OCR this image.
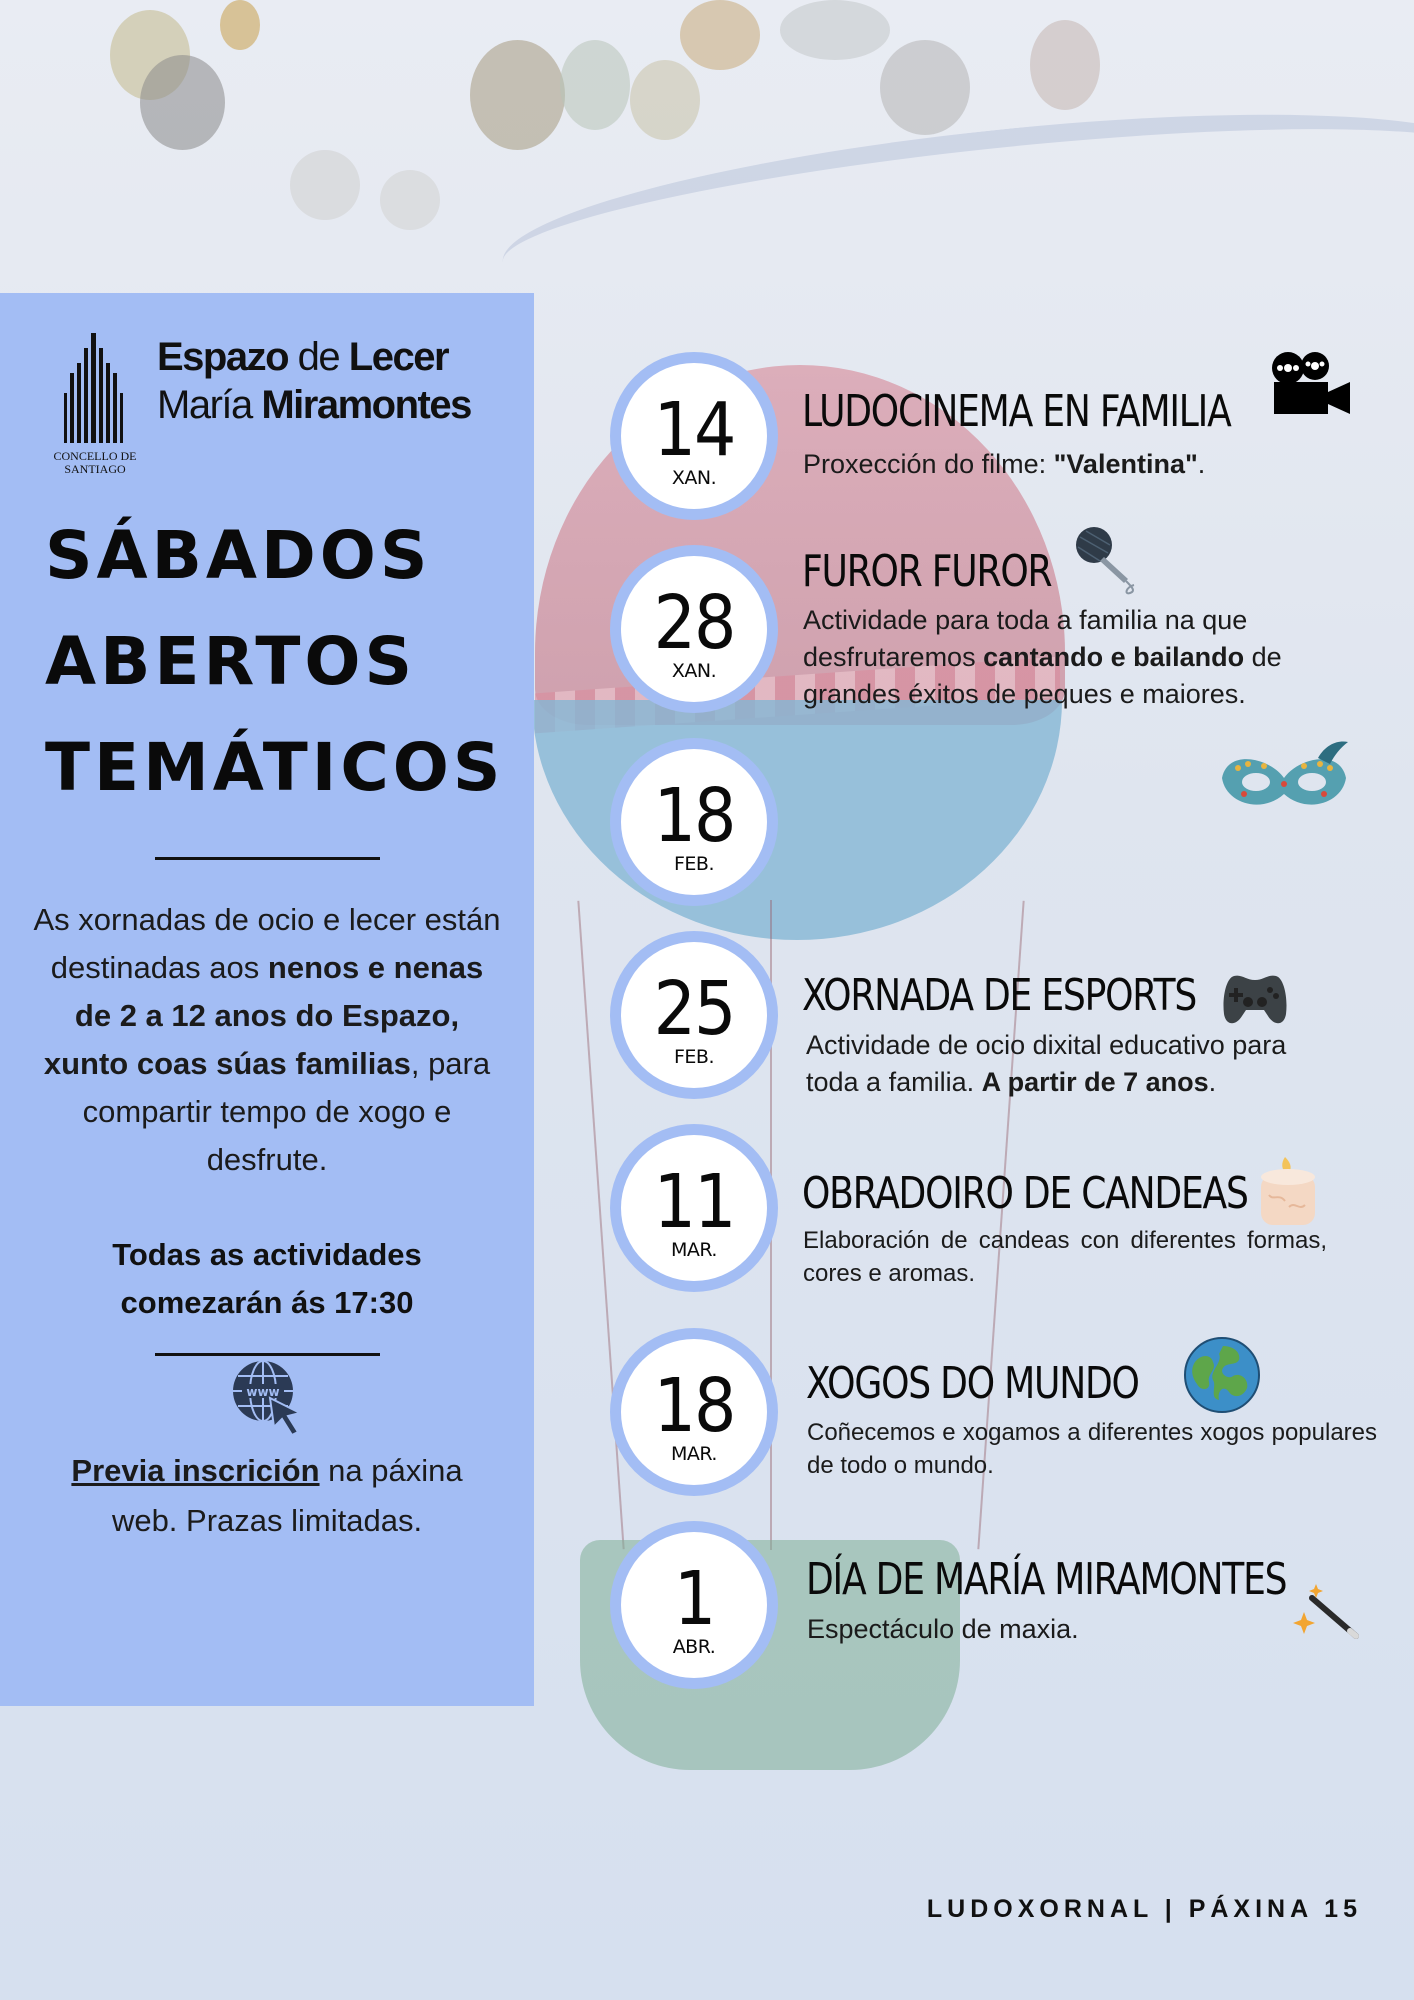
CONCELLO DE
SANTIAGO
Espazo de Lecer
María Miramontes
SÁBADOS
ABERTOS
TEMÁTICOS
As xornadas de ocio e lecer están destinadas aos nenos e nenas de 2 a 12 anos do Espazo, xunto coas súas familias, para compartir tempo de xogo e desfrute.
Todas as actividades
comezarán ás 17:30
www
Previa inscrición na páxina
web. Prazas limitadas.
14
XAN.
LUDOCINEMA EN FAMILIA
Proxección do filme: "Valentina".
28
XAN.
FUROR FUROR
Actividade para toda a familia na que desfrutaremos cantando e bailando de grandes éxitos de peques e maiores.
18
FEB.
25
FEB.
XORNADA DE ESPORTS
Actividade de ocio dixital educativo para toda a familia. A partir de 7 anos.
11
MAR.
OBRADOIRO DE CANDEAS
Elaboración de candeas con diferentes formas, cores e aromas.
18
MAR.
XOGOS DO MUNDO
Coñecemos e xogamos a diferentes xogos populares de todo o mundo.
1
ABR.
DÍA DE MARÍA MIRAMONTES
Espectáculo de maxia.
LUDOXORNAL | PÁXINA 15
